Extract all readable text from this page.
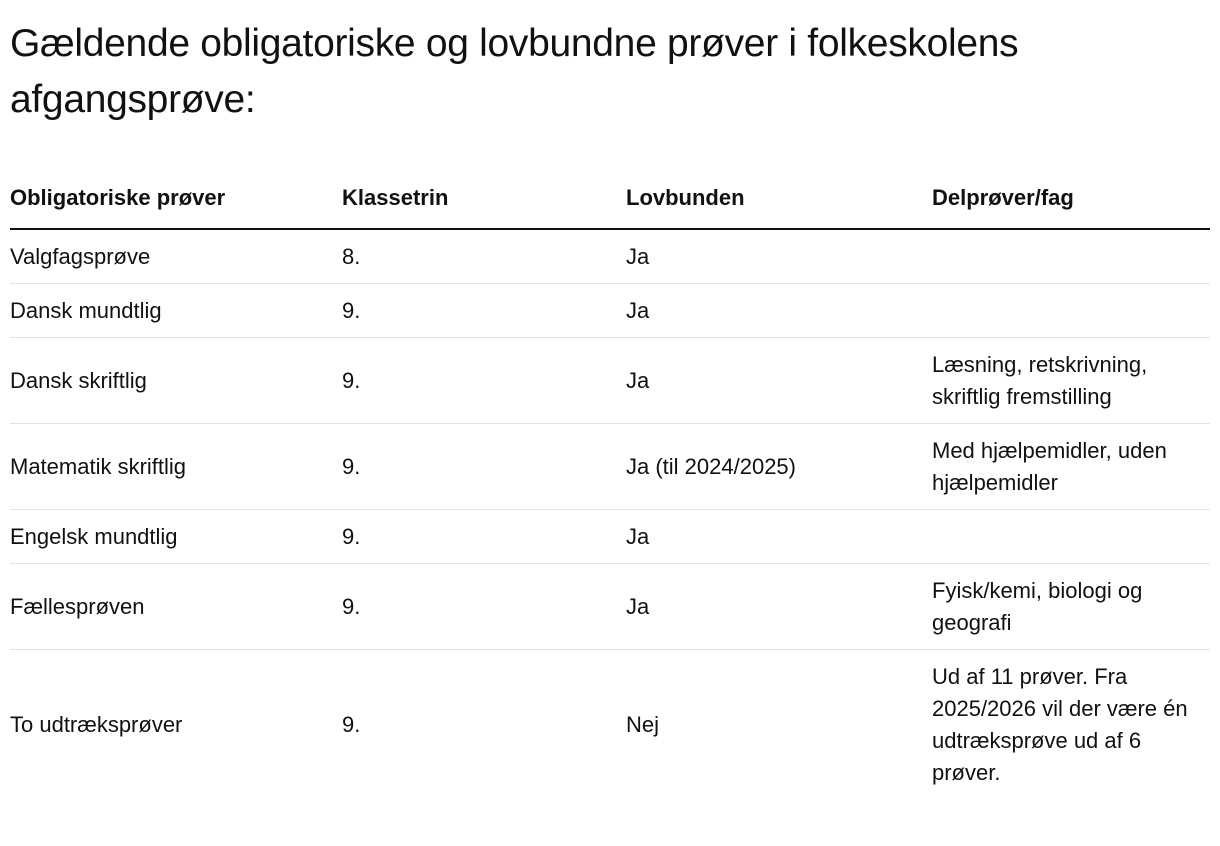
Gældende obligatoriske og lovbundne prøver i folkeskolens afgangsprøve:
Obligatoriske prøver	Klassetrin	Lovbunden	Delprøver/fag
Valgfagsprøve	8.	Ja	
Dansk mundtlig	9.	Ja	
Dansk skriftlig	9.	Ja	Læsning, retskrivning, skriftlig fremstilling
Matematik skriftlig	9.	Ja (til 2024/2025)	Med hjælpemidler, uden hjælpemidler
Engelsk mundtlig	9.	Ja	
Fællesprøven	9.	Ja	Fyisk/kemi, biologi og geografi
To udtræksprøver	9.	Nej	Ud af 11 prøver. Fra 2025/2026 vil der være én udtræksprøve ud af 6 prøver.
